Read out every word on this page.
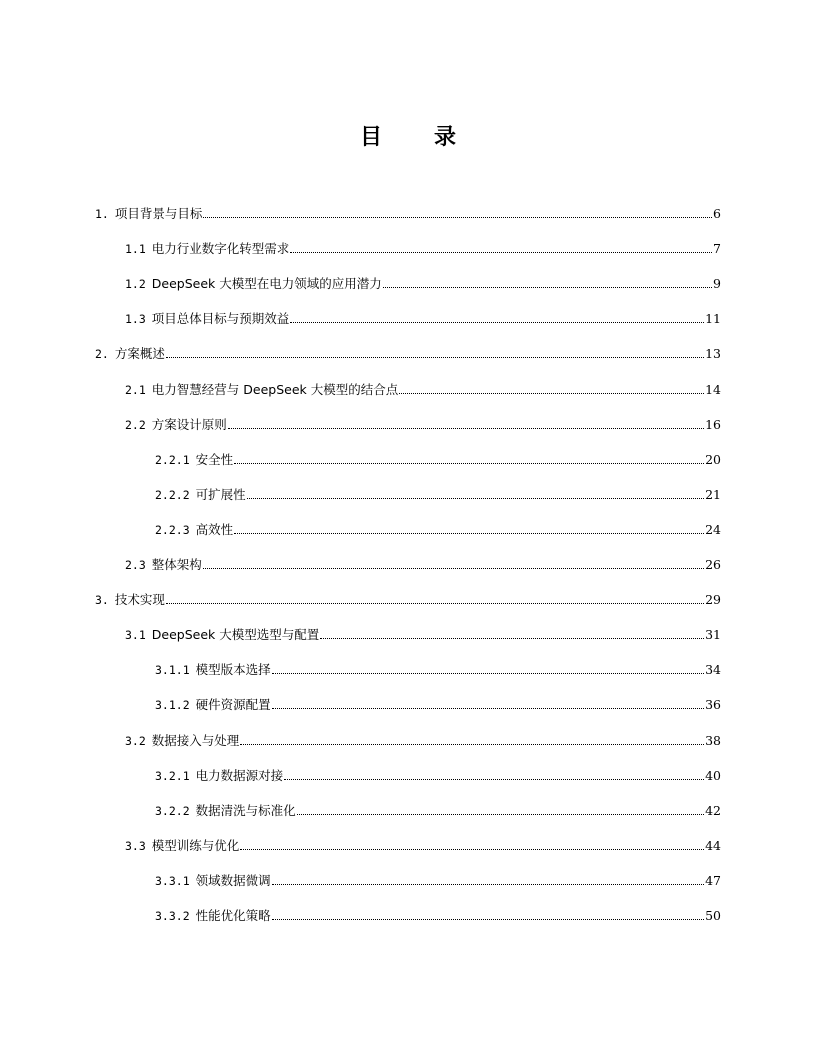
目 录
1. 项目背景与目标	6
1.1 电力行业数字化转型需求	7
1.2 DeepSeek 大模型在电力领域的应用潜力	9
1.3 项目总体目标与预期效益	11
2. 方案概述	13
2.1 电力智慧经营与 DeepSeek 大模型的结合点	14
2.2 方案设计原则	16
2.2.1 安全性	20
2.2.2 可扩展性	21
2.2.3 高效性	24
2.3 整体架构	26
3. 技术实现	29
3.1 DeepSeek 大模型选型与配置	31
3.1.1 模型版本选择	34
3.1.2 硬件资源配置	36
3.2 数据接入与处理	38
3.2.1 电力数据源对接	40
3.2.2 数据清洗与标准化	42
3.3 模型训练与优化	44
3.3.1 领域数据微调	47
3.3.2 性能优化策略	50
